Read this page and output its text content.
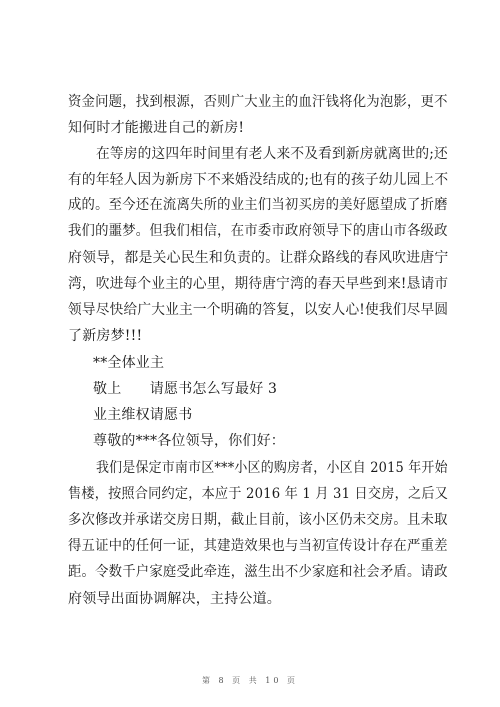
资金问题，找到根源，否则广大业主的血汗钱将化为泡影，更不
知何时才能搬进自己的新房!
在等房的这四年时间里有老人来不及看到新房就离世的;还
有的年轻人因为新房下不来婚没结成的;也有的孩子幼儿园上不
成的。至今还在流离失所的业主们当初买房的美好愿望成了折磨
我们的噩梦。但我们相信，在市委市政府领导下的唐山市各级政
府领导，都是关心民生和负责的。让群众路线的春风吹进唐宁
湾，吹进每个业主的心里，期待唐宁湾的春天早些到来!恳请市
领导尽快给广大业主一个明确的答复，以安人心!使我们尽早圆
了新房梦!!!
**全体业主
敬上　　请愿书怎么写最好 3
业主维权请愿书
尊敬的***各位领导，你们好：
我们是保定市南市区***小区的购房者，小区自 2015 年开始
售楼，按照合同约定，本应于 2016 年 1 月 31 日交房，之后又
多次修改并承诺交房日期，截止目前，该小区仍未交房。且未取
得五证中的任何一证，其建造效果也与当初宣传设计存在严重差
距。令数千户家庭受此牵连，滋生出不少家庭和社会矛盾。请政
府领导出面协调解决，主持公道。
第 8 页 共 10 页
